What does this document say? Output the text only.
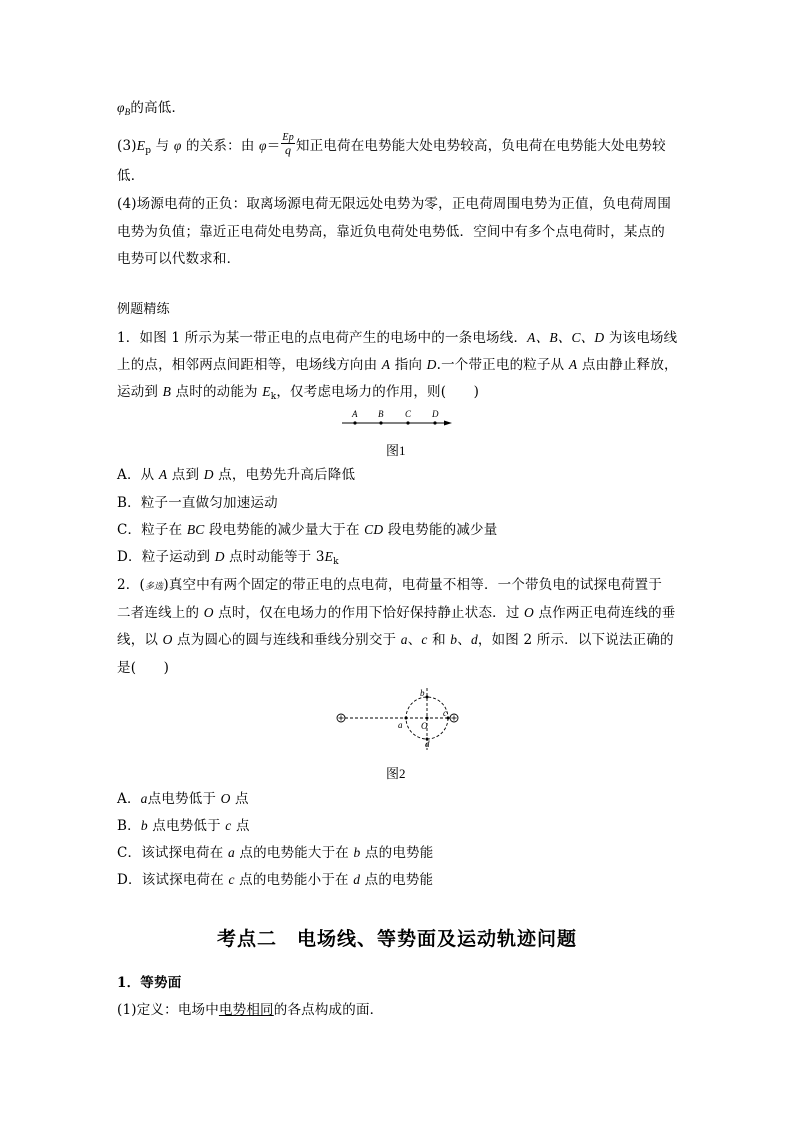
$\varphi_B$的高低．
$(3)E_p$ 与 φ 的关系：由 $\varphi= \frac{Ep}{q}$ 知正电荷在电势能大处电势较高，负电荷在电势能大处电势较
低．
(4)场源电荷的正负：取离场源电荷无限远处电势为零，正电荷周围电势为正值，负电荷周围
电势为负值；靠近正电荷处电势高，靠近负电荷处电势低．空间中有多个点电荷时，某点的
电势可以代数求和．
例题精练
1．如图 1 所示为某一带正电的点电荷产生的电场中的一条电场线．A、B、C、D 为该电场线
上的点，相邻两点间距相等，电场线方向由 A 指向 D.一个带正电的粒子从 A 点由静止释放，
运动到 B 点时的动能为 $E_k$，仅考虑电场力的作用，则(　　)
A B C D
图1
A．从 A 点到 D 点，电势先升高后降低
B．粒子一直做匀加速运动
C．粒子在 BC 段电势能的减少量大于在 CD 段电势能的减少量
D．粒子运动到 D 点时动能等于 $3E_k$
2．(多选)真空中有两个固定的带正电的点电荷，电荷量不相等．一个带负电的试探电荷置于
二者连线上的 O 点时，仅在电场力的作用下恰好保持静止状态．过 O 点作两正电荷连线的垂
线，以 O 点为圆心的圆与连线和垂线分别交于 a、c 和 b、d，如图 2 所示．以下说法正确的
是(　　)
O
a
c
b
d
图2
A．a点电势低于 O 点
B．b 点电势低于 c 点
C．该试探电荷在 a 点的电势能大于在 b 点的电势能
D．该试探电荷在 c 点的电势能小于在 d 点的电势能
考点二　电场线、等势面及运动轨迹问题
1．等势面
(1)定义：电场中电势相同的各点构成的面．
